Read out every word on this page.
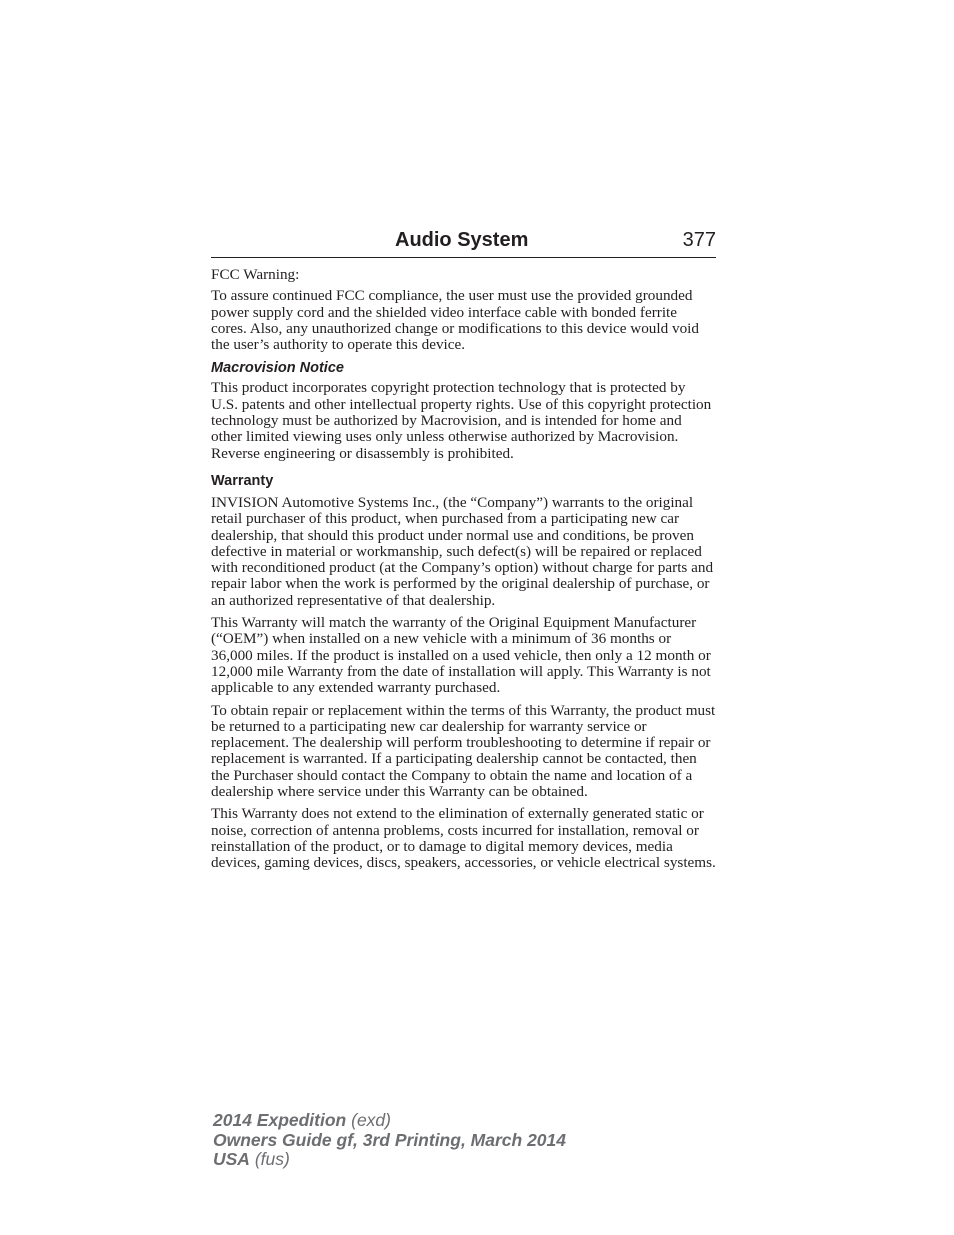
Audio System	377

FCC Warning:

To assure continued FCC compliance, the user must use the provided grounded power supply cord and the shielded video interface cable with bonded ferrite cores. Also, any unauthorized change or modifications to this device would void the user’s authority to operate this device.

Macrovision Notice

This product incorporates copyright protection technology that is protected by U.S. patents and other intellectual property rights. Use of this copyright protection technology must be authorized by Macrovision, and is intended for home and other limited viewing uses only unless otherwise authorized by Macrovision. Reverse engineering or disassembly is prohibited.

Warranty

INVISION Automotive Systems Inc., (the “Company”) warrants to the original retail purchaser of this product, when purchased from a participating new car dealership, that should this product under normal use and conditions, be proven defective in material or workmanship, such defect(s) will be repaired or replaced with reconditioned product (at the Company’s option) without charge for parts and repair labor when the work is performed by the original dealership of purchase, or an authorized representative of that dealership.

This Warranty will match the warranty of the Original Equipment Manufacturer (“OEM”) when installed on a new vehicle with a minimum of 36 months or 36,000 miles. If the product is installed on a used vehicle, then only a 12 month or 12,000 mile Warranty from the date of installation will apply. This Warranty is not applicable to any extended warranty purchased.

To obtain repair or replacement within the terms of this Warranty, the product must be returned to a participating new car dealership for warranty service or replacement. The dealership will perform troubleshooting to determine if repair or replacement is warranted. If a participating dealership cannot be contacted, then the Purchaser should contact the Company to obtain the name and location of a dealership where service under this Warranty can be obtained.

This Warranty does not extend to the elimination of externally generated static or noise, correction of antenna problems, costs incurred for installation, removal or reinstallation of the product, or to damage to digital memory devices, media devices, gaming devices, discs, speakers, accessories, or vehicle electrical systems.

2014 Expedition (exd)
Owners Guide gf, 3rd Printing, March 2014
USA (fus)
